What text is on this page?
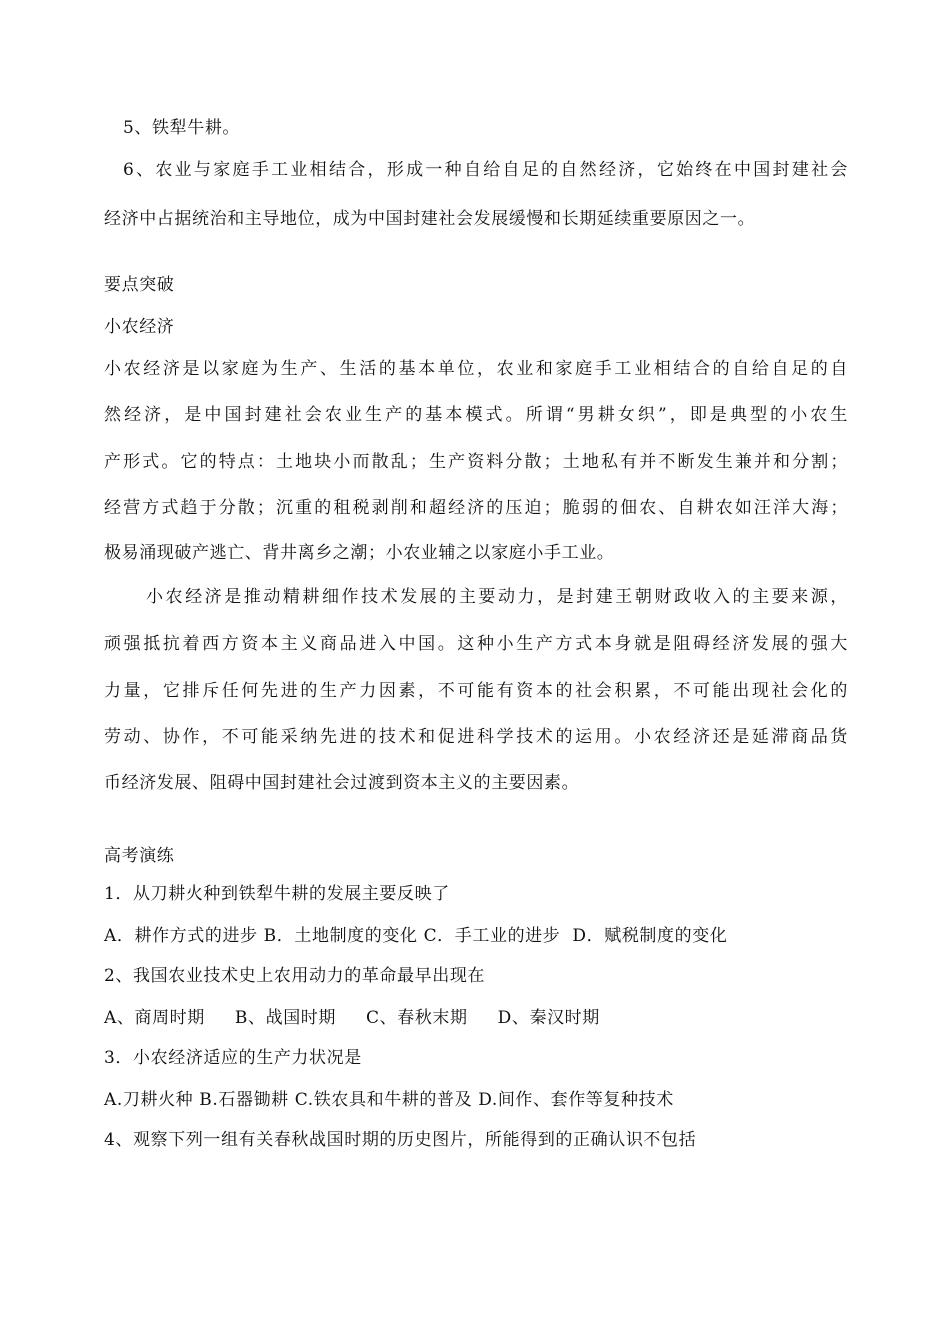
5、铁犁牛耕。
6、农业与家庭手工业相结合，形成一种自给自足的自然经济，它始终在中国封建社会
经济中占据统治和主导地位，成为中国封建社会发展缓慢和长期延续重要原因之一。
要点突破
小农经济
小农经济是以家庭为生产、生活的基本单位，农业和家庭手工业相结合的自给自足的自
然经济，是中国封建社会农业生产的基本模式。所谓“男耕女织”，即是典型的小农生
产形式。它的特点：土地块小而散乱；生产资料分散；土地私有并不断发生兼并和分割；
经营方式趋于分散；沉重的租税剥削和超经济的压迫；脆弱的佃农、自耕农如汪洋大海；
极易涌现破产逃亡、背井离乡之潮；小农业辅之以家庭小手工业。
小农经济是推动精耕细作技术发展的主要动力，是封建王朝财政收入的主要来源，
顽强抵抗着西方资本主义商品进入中国。这种小生产方式本身就是阻碍经济发展的强大
力量，它排斥任何先进的生产力因素，不可能有资本的社会积累，不可能出现社会化的
劳动、协作，不可能采纳先进的技术和促进科学技术的运用。小农经济还是延滞商品货
币经济发展、阻碍中国封建社会过渡到资本主义的主要因素。
高考演练
1．从刀耕火种到铁犁牛耕的发展主要反映了
A．耕作方式的进步 B．土地制度的变化 C．手工业的进步  D．赋税制度的变化
2、我国农业技术史上农用动力的革命最早出现在
A、商周时期     B、战国时期     C、春秋末期     D、秦汉时期
3．小农经济适应的生产力状况是
A.刀耕火种 B.石器锄耕 C.铁农具和牛耕的普及 D.间作、套作等复种技术
4、观察下列一组有关春秋战国时期的历史图片，所能得到的正确认识不包括
